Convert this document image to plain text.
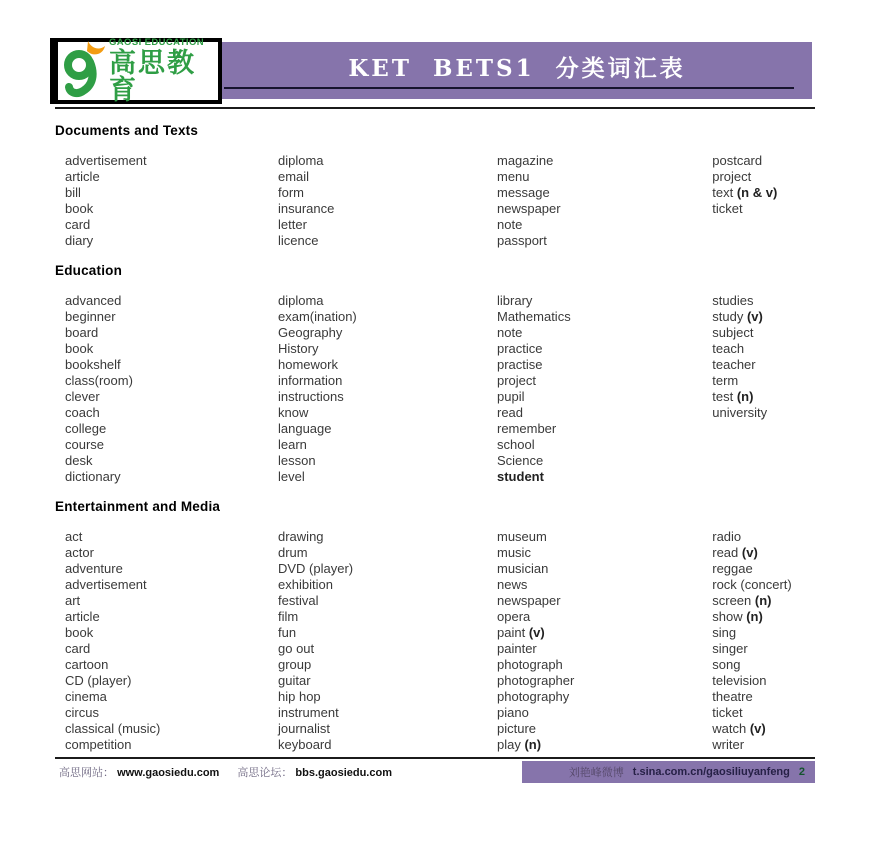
KET BETS1 分类词汇表
GAOSI EDUCATION
高思教育
Documents and Texts
advertisement
article
bill
book
card
diary
diploma
email
form
insurance
letter
licence
magazine
menu
message
newspaper
note
passport
postcard
project
text (n & v)
ticket
Education
advanced
beginner
board
book
bookshelf
class(room)
clever
coach
college
course
desk
dictionary
diploma
exam(ination)
Geography
History
homework
information
instructions
know
language
learn
lesson
level
library
Mathematics
note
practice
practise
project
pupil
read
remember
school
Science
student
studies
study (v)
subject
teach
teacher
term
test (n)
university
Entertainment and Media
act
actor
adventure
advertisement
art
article
book
card
cartoon
CD (player)
cinema
circus
classical (music)
competition
drawing
drum
DVD (player)
exhibition
festival
film
fun
go out
group
guitar
hip hop
instrument
journalist
keyboard
museum
music
musician
news
newspaper
opera
paint (v)
painter
photograph
photographer
photography
piano
picture
play (n)
radio
read (v)
reggae
rock (concert)
screen (n)
show (n)
sing
singer
song
television
theatre
ticket
watch (v)
writer
高思网站： www.gaosiedu.com 高思论坛： bbs.gaosiedu.com	刘艳峰微博 t.sina.com.cn/gaosiliuyanfeng 2
